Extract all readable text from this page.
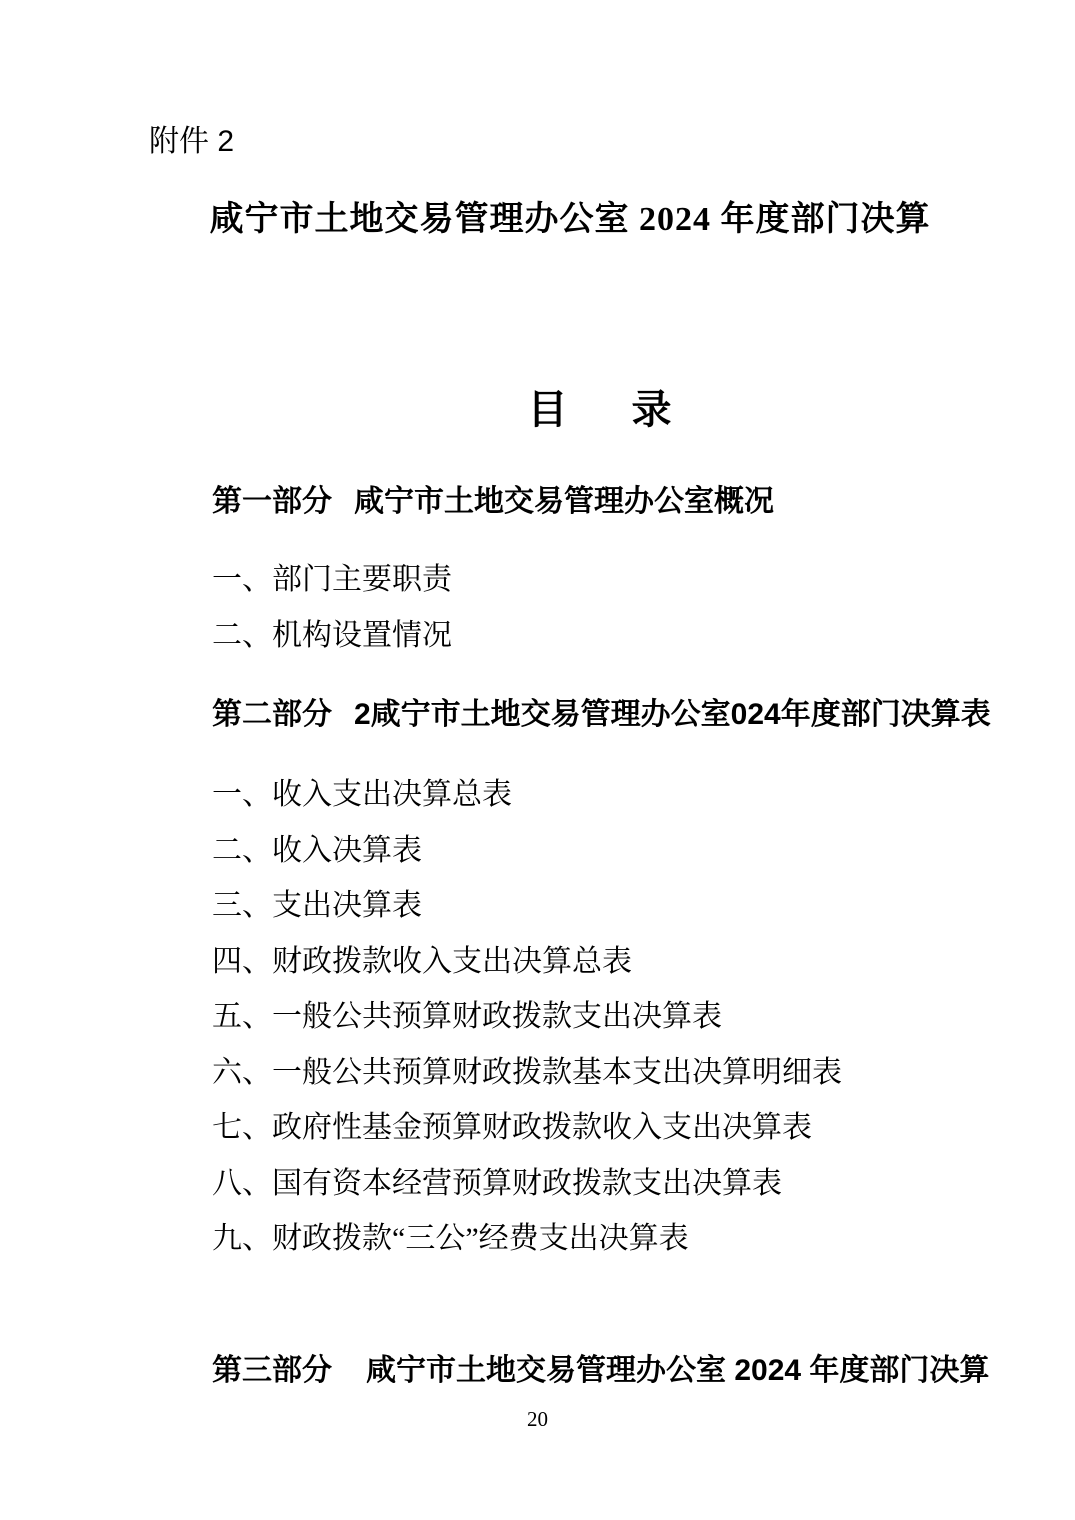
附件 2
咸宁市土地交易管理办公室 2024 年度部门决算
目 录
第一部分 咸宁市土地交易管理办公室概况
一、部门主要职责
二、机构设置情况
第二部分 2咸宁市土地交易管理办公室024年度部门决算表
一、收入支出决算总表
二、收入决算表
三、支出决算表
四、财政拨款收入支出决算总表
五、一般公共预算财政拨款支出决算表
六、一般公共预算财政拨款基本支出决算明细表
七、政府性基金预算财政拨款收入支出决算表
八、国有资本经营预算财政拨款支出决算表
九、财政拨款“三公”经费支出决算表
第三部分 咸宁市土地交易管理办公室 2024 年度部门决算
20
